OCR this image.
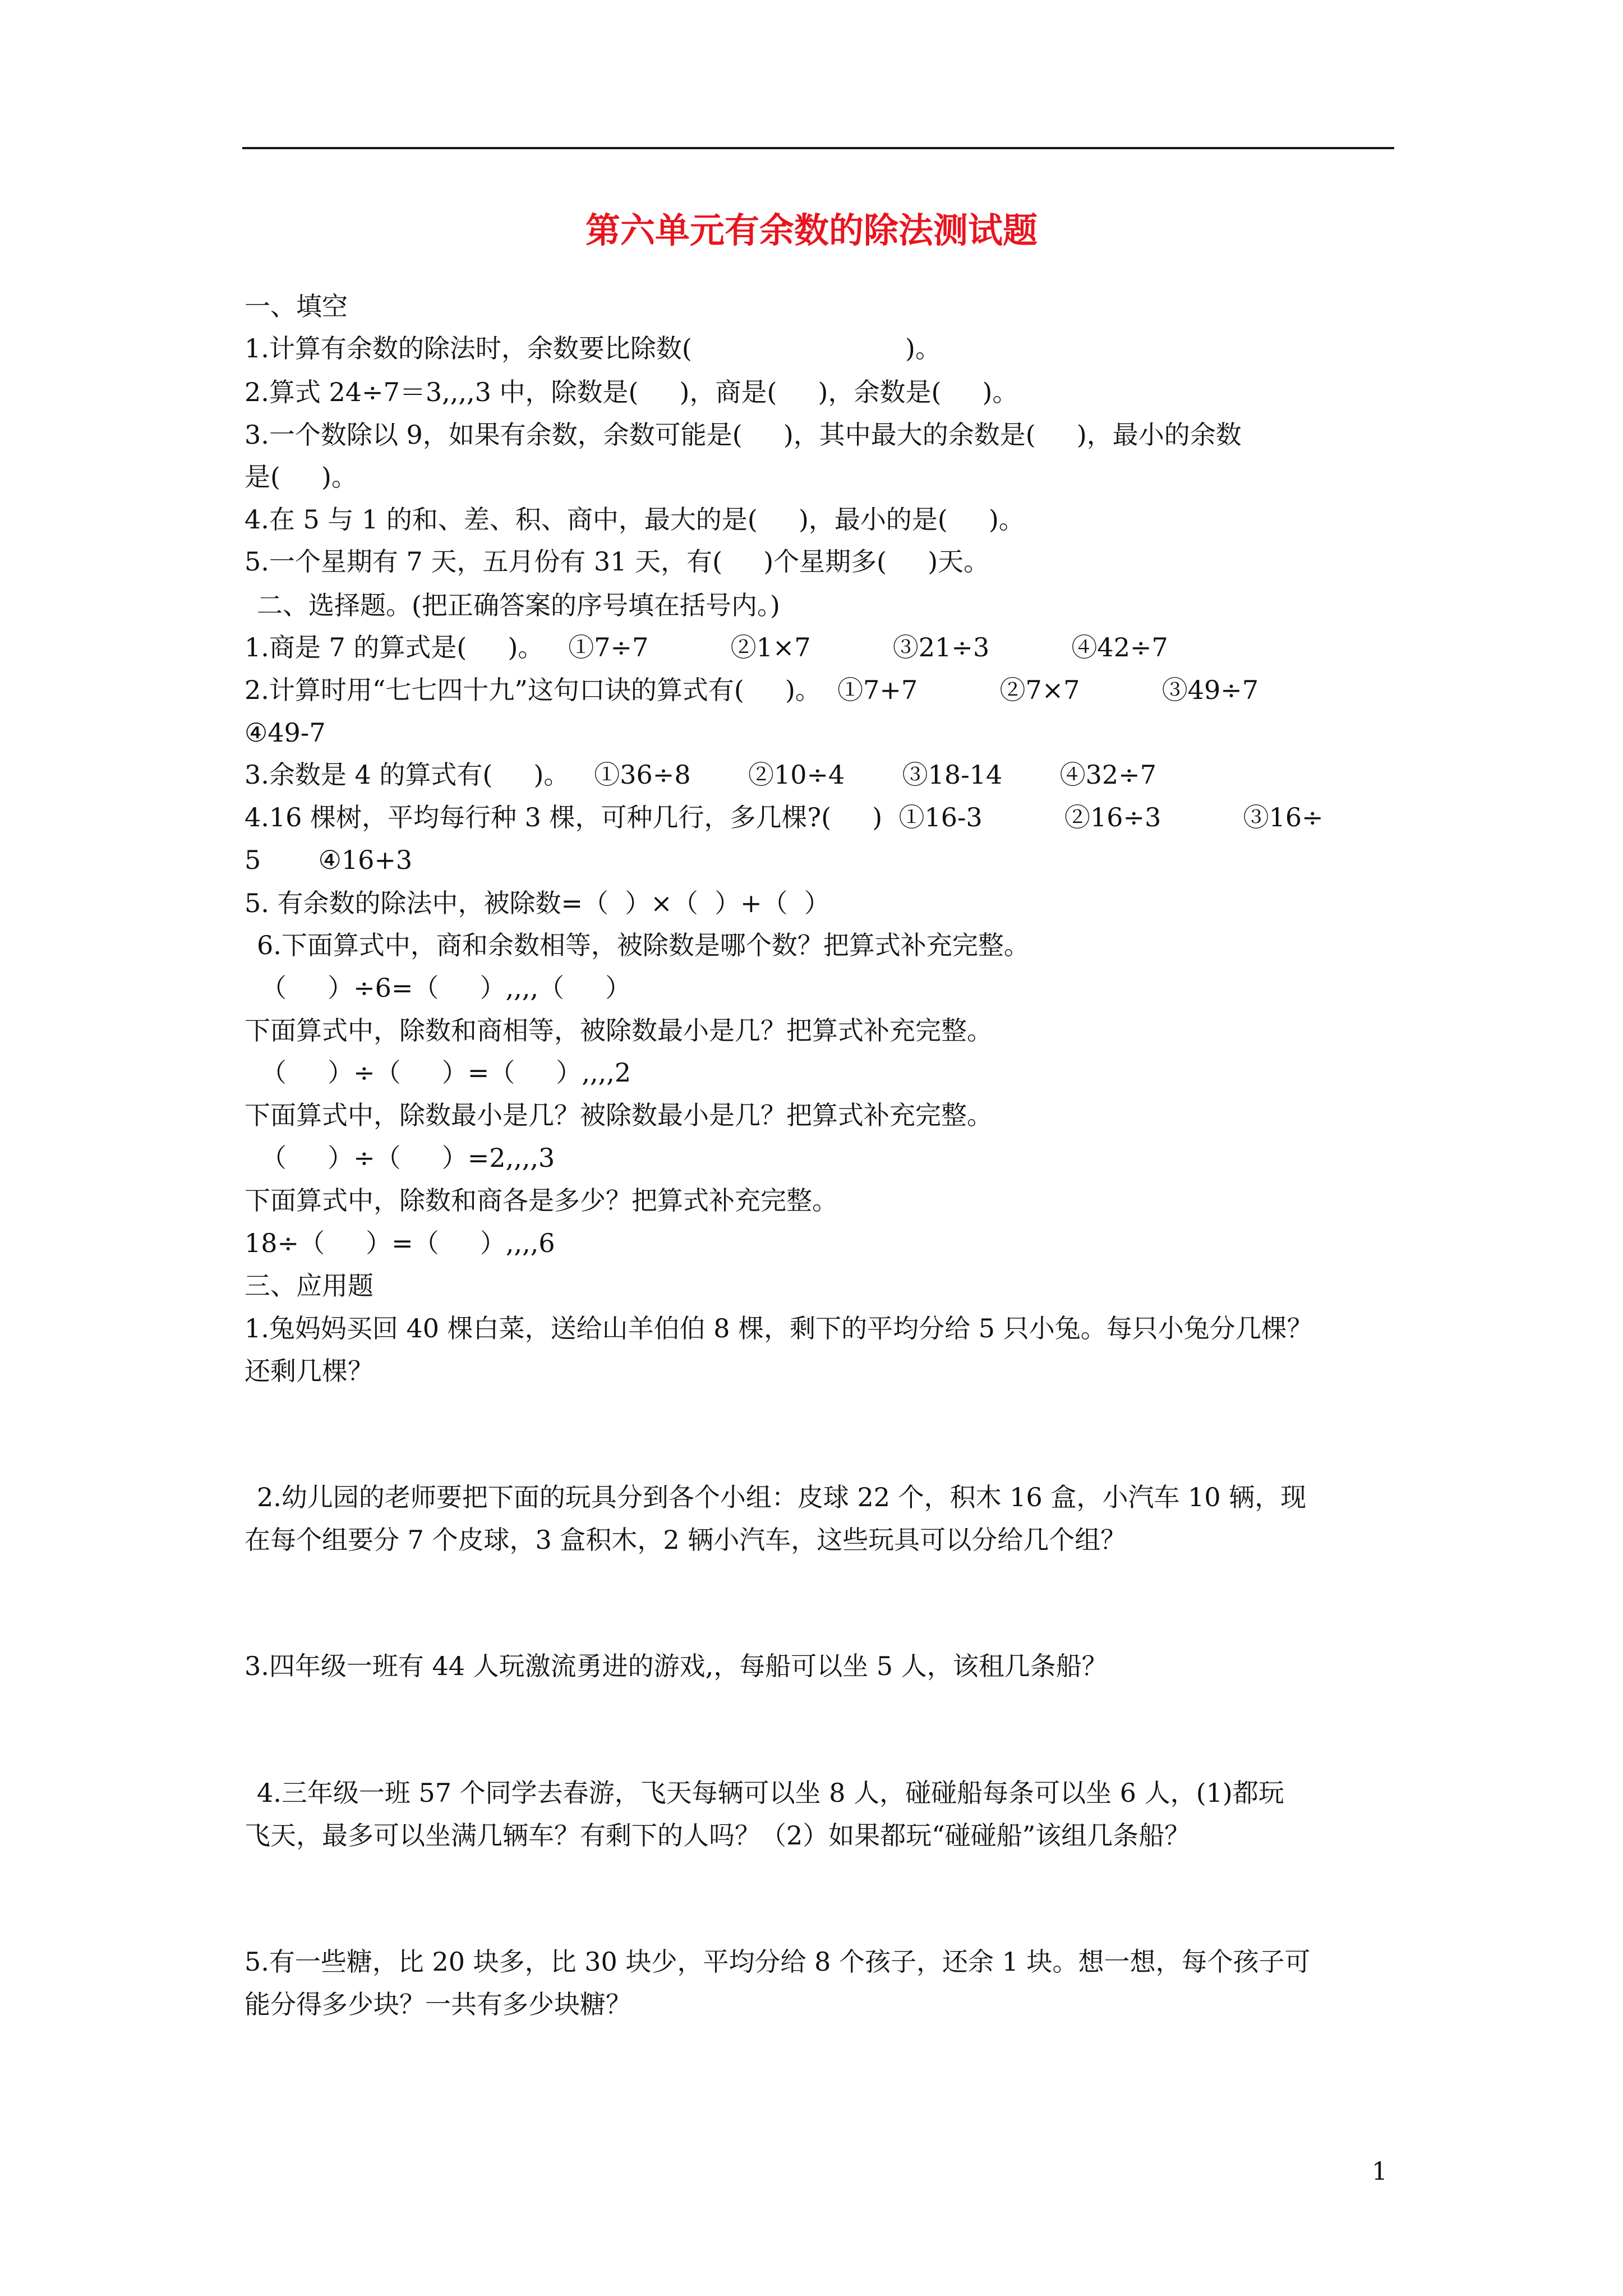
第六单元有余数的除法测试题
一、填空
1.计算有余数的除法时，余数要比除数(                          )。
2.算式 24÷7＝3,,,,3 中，除数是(     )，商是(     )，余数是(     )。
3.一个数除以 9，如果有余数，余数可能是(     )，其中最大的余数是(     )，最小的余数
是(     )。
4.在 5 与 1 的和、差、积、商中，最大的是(     )，最小的是(     )。
5.一个星期有 7 天，五月份有 31 天，有(     )个星期多(     )天。
二、选择题。(把正确答案的序号填在括号内。)
1.商是 7 的算式是(     )。   ①7÷7          ②1×7          ③21÷3          ④42÷7
2.计算时用“七七四十九”这句口诀的算式有(     )。  ①7+7          ②7×7          ③49÷7
④49-7
3.余数是 4 的算式有(     )。   ①36÷8       ②10÷4       ③18-14       ④32÷7
4.16 棵树，平均每行种 3 棵，可种几行，多几棵?(     )  ①16-3          ②16÷3          ③16÷
5       ④16+3
5. 有余数的除法中，被除数=（  ）×（  ）+（  ）
6.下面算式中，商和余数相等，被除数是哪个数？把算式补充完整。
（     ）÷6=（     ）,,,,（     ）
下面算式中，除数和商相等，被除数最小是几？把算式补充完整。
（     ）÷（     ）=（     ）,,,,2
下面算式中，除数最小是几？被除数最小是几？把算式补充完整。
（     ）÷（     ）=2,,,,3
下面算式中，除数和商各是多少？把算式补充完整。
18÷（     ）=（     ）,,,,6
三、应用题
1.兔妈妈买回 40 棵白菜，送给山羊伯伯 8 棵，剩下的平均分给 5 只小兔。每只小兔分几棵？
还剩几棵？
2.幼儿园的老师要把下面的玩具分到各个小组：皮球 22 个，积木 16 盒，小汽车 10 辆，现
在每个组要分 7 个皮球，3 盒积木，2 辆小汽车，这些玩具可以分给几个组？
3.四年级一班有 44 人玩激流勇进的游戏,，每船可以坐 5 人，该租几条船？
4.三年级一班 57 个同学去春游，飞天每辆可以坐 8 人，碰碰船每条可以坐 6 人，(1)都玩
飞天，最多可以坐满几辆车？有剩下的人吗？（2）如果都玩“碰碰船”该组几条船？
5.有一些糖，比 20 块多，比 30 块少，平均分给 8 个孩子，还余 1 块。想一想，每个孩子可
能分得多少块？一共有多少块糖？
1
